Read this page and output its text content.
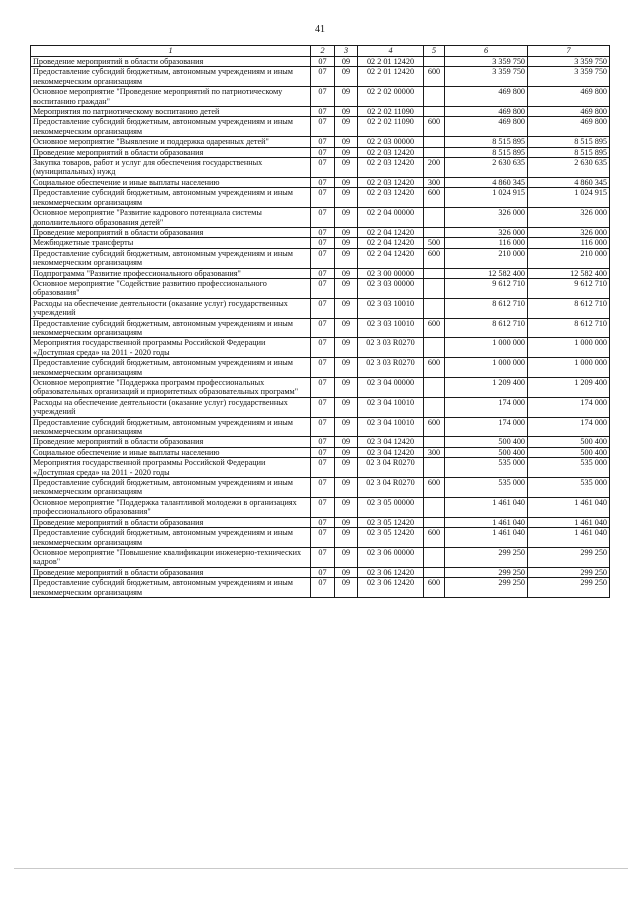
41
1	2	3	4	5	6	7
Проведение мероприятий в области образования	07	09	02 2 01 12420		3 359 750	3 359 750
Предоставление субсидий бюджетным, автономным учреждениям и иным некоммерческим организациям	07	09	02 2 01 12420	600	3 359 750	3 359 750
Основное мероприятие "Проведение мероприятий по патриотическому воспитанию граждан"	07	09	02 2 02 00000		469 800	469 800
Мероприятия по патриотическому воспитанию детей	07	09	02 2 02 11090		469 800	469 800
Предоставление субсидий бюджетным, автономным учреждениям и иным некоммерческим организациям	07	09	02 2 02 11090	600	469 800	469 800
Основное мероприятие "Выявление и поддержка одаренных детей"	07	09	02 2 03 00000		8 515 895	8 515 895
Проведение мероприятий в области образования	07	09	02 2 03 12420		8 515 895	8 515 895
Закупка товаров, работ и услуг для обеспечения государственных (муниципальных) нужд	07	09	02 2 03 12420	200	2 630 635	2 630 635
Социальное обеспечение и иные выплаты населению	07	09	02 2 03 12420	300	4 860 345	4 860 345
Предоставление субсидий бюджетным, автономным учреждениям и иным некоммерческим организациям	07	09	02 2 03 12420	600	1 024 915	1 024 915
Основное мероприятие "Развитие кадрового потенциала системы дополнительного образования детей"	07	09	02 2 04 00000		326 000	326 000
Проведение мероприятий в области образования	07	09	02 2 04 12420		326 000	326 000
Межбюджетные трансферты	07	09	02 2 04 12420	500	116 000	116 000
Предоставление субсидий бюджетным, автономным учреждениям и иным некоммерческим организациям	07	09	02 2 04 12420	600	210 000	210 000
Подпрограмма "Развитие профессионального образования"	07	09	02 3 00 00000		12 582 400	12 582 400
Основное мероприятие "Содействие развитию профессионального образования"	07	09	02 3 03 00000		9 612 710	9 612 710
Расходы на обеспечение деятельности (оказание услуг) государственных учреждений	07	09	02 3 03 10010		8 612 710	8 612 710
Предоставление субсидий бюджетным, автономным учреждениям и иным некоммерческим организациям	07	09	02 3 03 10010	600	8 612 710	8 612 710
Мероприятия государственной программы Российской Федерации «Доступная среда» на 2011 - 2020 годы	07	09	02 3 03 R0270		1 000 000	1 000 000
Предоставление субсидий бюджетным, автономным учреждениям и иным некоммерческим организациям	07	09	02 3 03 R0270	600	1 000 000	1 000 000
Основное мероприятие "Поддержка программ профессиональных образовательных организаций и приоритетных образовательных программ"	07	09	02 3 04 00000		1 209 400	1 209 400
Расходы на обеспечение деятельности (оказание услуг) государственных учреждений	07	09	02 3 04 10010		174 000	174 000
Предоставление субсидий бюджетным, автономным учреждениям и иным некоммерческим организациям	07	09	02 3 04 10010	600	174 000	174 000
Проведение мероприятий в области образования	07	09	02 3 04 12420		500 400	500 400
Социальное обеспечение и иные выплаты населению	07	09	02 3 04 12420	300	500 400	500 400
Мероприятия государственной программы Российской Федерации «Доступная среда» на 2011 - 2020 годы	07	09	02 3 04 R0270		535 000	535 000
Предоставление субсидий бюджетным, автономным учреждениям и иным некоммерческим организациям	07	09	02 3 04 R0270	600	535 000	535 000
Основное мероприятие "Поддержка талантливой молодежи в организациях профессионального образования"	07	09	02 3 05 00000		1 461 040	1 461 040
Проведение мероприятий в области образования	07	09	02 3 05 12420		1 461 040	1 461 040
Предоставление субсидий бюджетным, автономным учреждениям и иным некоммерческим организациям	07	09	02 3 05 12420	600	1 461 040	1 461 040
Основное мероприятие "Повышение квалификации инженерно-технических кадров"	07	09	02 3 06 00000		299 250	299 250
Проведение мероприятий в области образования	07	09	02 3 06 12420		299 250	299 250
Предоставление субсидий бюджетным, автономным учреждениям и иным некоммерческим организациям	07	09	02 3 06 12420	600	299 250	299 250
